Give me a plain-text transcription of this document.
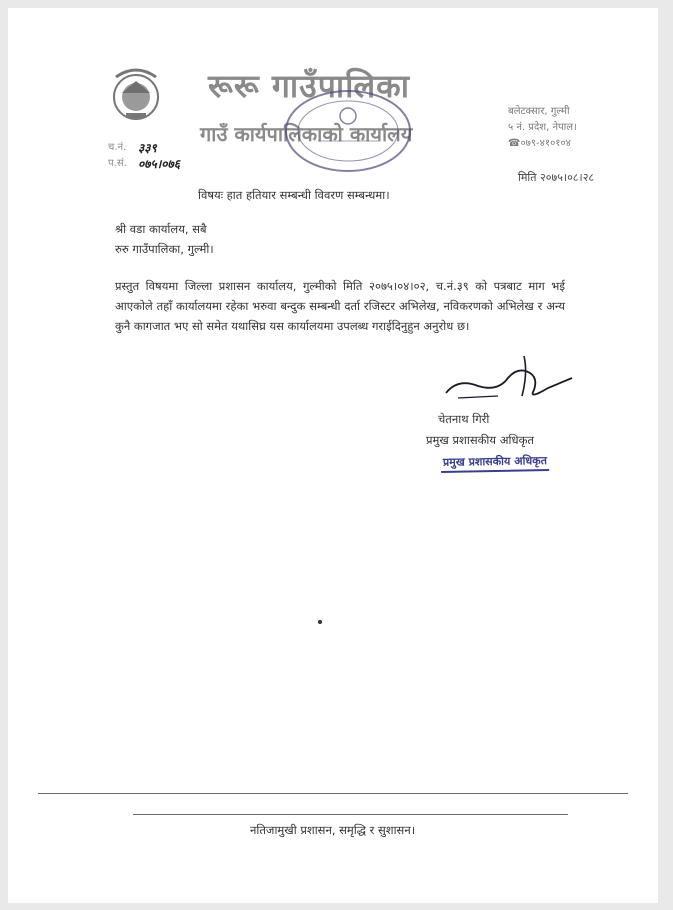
रूरू गाउँपालिका
गाउँ कार्यपालिकाको कार्यालय
बलेटक्सार, गुल्मी
५ नं. प्रदेश, नेपाल।
☎०७९-४१०१०४
च.नं. ३३९
प.सं. ०७५।०७६
मिति २०७५।०८।२८
विषयः हात हतियार सम्बन्धी विवरण सम्बन्धमा।
श्री वडा कार्यालय, सबै
रुरु गाउँपालिका, गुल्मी।
प्रस्तुत विषयमा जिल्ला प्रशासन कार्यालय, गुल्मीको मिति २०७५।०४।०२, च.नं.३९ को पत्रबाट माग भई आएकोले तहाँ कार्यालयमा रहेका भरुवा बन्दुक सम्बन्धी दर्ता रजिस्टर अभिलेख, नविकरणको अभिलेख र अन्य कुनै कागजात भए सो समेत यथासिघ्र यस कार्यालयमा उपलब्ध गराईदिनुहुन अनुरोध छ।
चेतनाथ गिरी
प्रमुख प्रशासकीय अधिकृत
प्रमुख प्रशासकीय अधिकृत
नतिजामुखी प्रशासन, समृद्धि र सुशासन।
